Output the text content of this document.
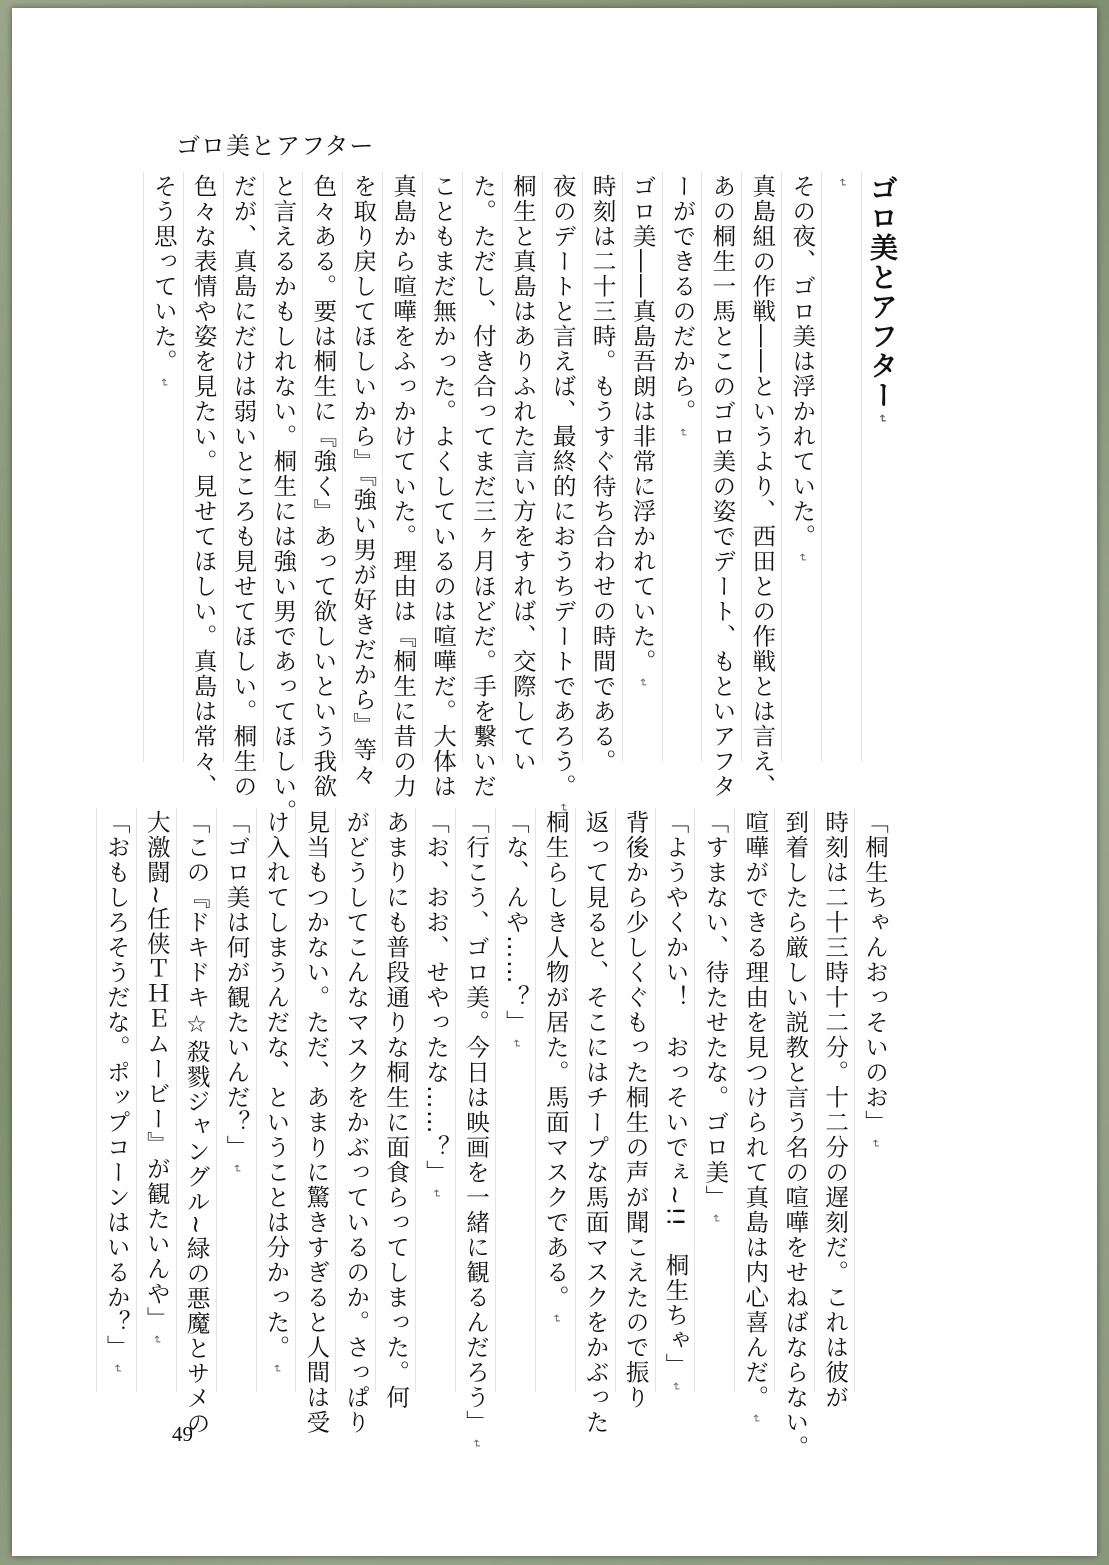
ゴロ美とアフター
ゴロ美とアフター↵
↵
その夜、ゴロ美は浮かれていた。↵
真島組の作戦――というより、西田との作戦とは言え、
あの桐生一馬とこのゴロ美の姿でデート、もといアフタ
ーができるのだから。↵
ゴロ美――真島吾朗は非常に浮かれていた。↵
時刻は二十三時。もうすぐ待ち合わせの時間である。
夜のデートと言えば、最終的におうちデートであろう。↵
桐生と真島はありふれた言い方をすれば、交際してい
た。ただし、付き合ってまだ三ヶ月ほどだ。手を繋いだ
こともまだ無かった。よくしているのは喧嘩だ。大体は
真島から喧嘩をふっかけていた。理由は『桐生に昔の力
を取り戻してほしいから』『強い男が好きだから』等々
色々ある。要は桐生に『強く』あって欲しいという我欲
と言えるかもしれない。桐生には強い男であってほしい。
だが、真島にだけは弱いところも見せてほしい。桐生の
色々な表情や姿を見たい。見せてほしい。真島は常々、
そう思っていた。↵
「桐生ちゃんおっそいのお」↵
時刻は二十三時十二分。十二分の遅刻だ。これは彼が
到着したら厳しい説教と言う名の喧嘩をせねばならない。
喧嘩ができる理由を見つけられて真島は内心喜んだ。↵
「すまない、待たせたな。ゴロ美」↵
「ようやくかい！　おっそいでぇ~!!　桐生ちゃ」↵
背後から少しくぐもった桐生の声が聞こえたので振り
返って見ると、そこにはチープな馬面マスクをかぶった
桐生らしき人物が居た。馬面マスクである。↵
「な、んや……？」↵
「行こう、ゴロ美。今日は映画を一緒に観るんだろう」↵
「お、おお、せやったな……？」↵
あまりにも普段通りな桐生に面食らってしまった。何
がどうしてこんなマスクをかぶっているのか。さっぱり
見当もつかない。ただ、あまりに驚きすぎると人間は受
け入れてしまうんだな、ということは分かった。↵
「ゴロ美は何が観たいんだ？」↵
「この『ドキドキ☆殺戮ジャングル~緑の悪魔とサメの
大激闘~任侠ＴＨＥムービー』が観たいんや」↵
「おもしろそうだな。ポップコーンはいるか？」↵
49
